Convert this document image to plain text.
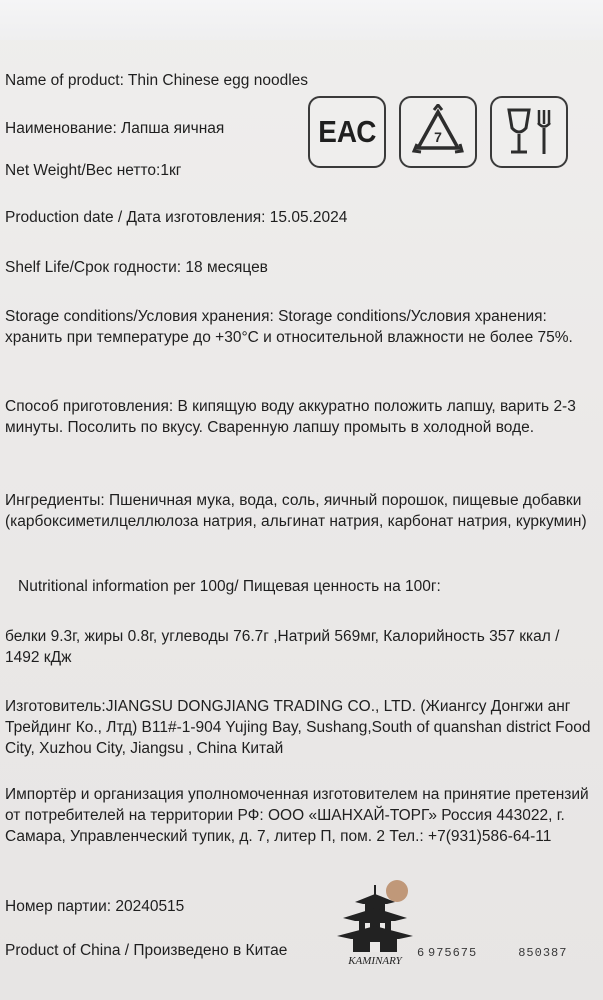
Name of product: Thin Chinese egg noodles
Наименование: Лапша яичная
Net Weight/Вес нетто:1кг
Production date / Дата изготовления: 15.05.2024
Shelf Life/Срок годности: 18 месяцев
Storage conditions/Условия хранения: Storage conditions/Условия хранения: хранить при температуре до +30°С и относительной влажности не более 75%.
Способ приготовления: В кипящую воду аккуратно положить лапшу, варить 2-3 минуты. Посолить по вкусу. Сваренную лапшу промыть в холодной воде.
Ингредиенты: Пшеничная мука, вода, соль, яичный порошок, пищевые добавки (карбоксиметилцеллюлоза натрия, альгинат натрия, карбонат натрия, куркумин)
Nutritional information per 100g/ Пищевая ценность на 100г:
белки 9.3г, жиры 0.8г, углеводы 76.7г ,Натрий 569мг, Калорийность 357 ккал / 1492 кДж
Изготовитель:JIANGSU DONGJIANG TRADING CO., LTD. (Жиангсу Донгжи анг Трейдинг Ко., Лтд) B11#-1-904 Yujing Bay, Sushang,South of quanshan district Food City, Xuzhou City, Jiangsu , China Китай
Импортёр и организация уполномоченная изготовителем на принятие претензий от потребителей на территории РФ: ООО «ШАНХАЙ-ТОРГ» Россия 443022, г. Самара, Управленческий тупик, д. 7, литер П, пом. 2 Тел.: +7(931)586-64-11
Номер партии: 20240515
Product of China / Произведено в Китае
ЕАС	7
KAMINARY
6 975675     850387
